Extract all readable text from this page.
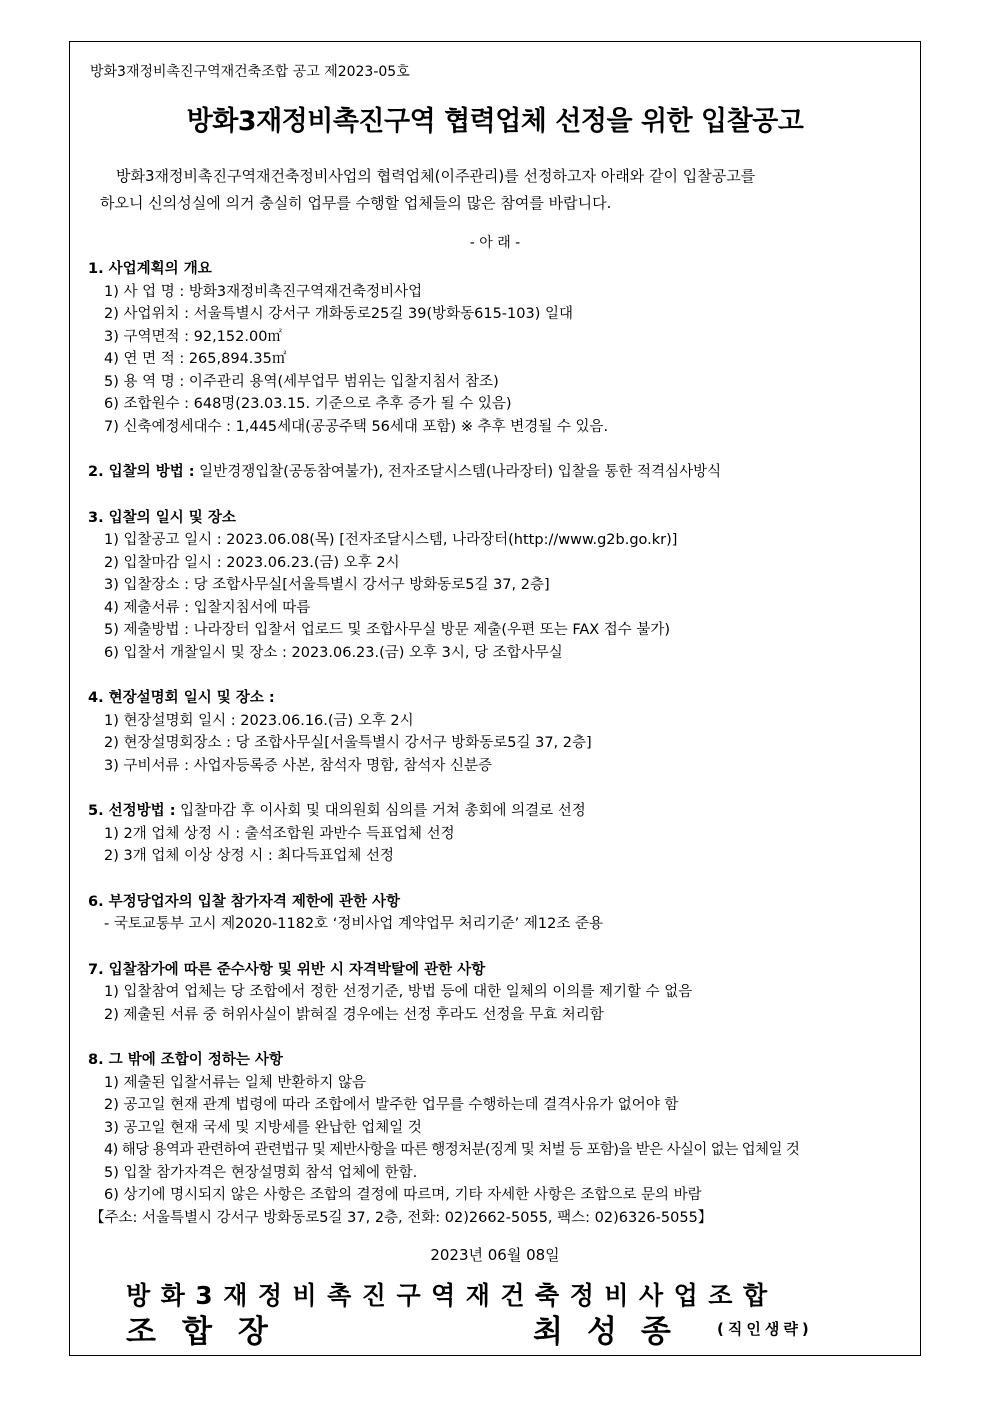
방화3재정비촉진구역재건축조합 공고 제2023-05호
방화3재정비촉진구역 협력업체 선정을 위한 입찰공고
방화3재정비촉진구역재건축정비사업의 협력업체(이주관리)를 선정하고자 아래와 같이 입찰공고를
하오니 신의성실에 의거 충실히 업무를 수행할 업체들의 많은 참여를 바랍니다.
- 아 래 -
1. 사업계획의 개요
1) 사 업 명 : 방화3재정비촉진구역재건축정비사업
2) 사업위치 : 서울특별시 강서구 개화동로25길 39(방화동615-103) 일대
3) 구역면적 : 92,152.00㎡
4) 연 면 적 : 265,894.35㎡
5) 용 역 명 : 이주관리 용역(세부업무 범위는 입찰지침서 참조)
6) 조합원수 : 648명(23.03.15. 기준으로 추후 증가 될 수 있음)
7) 신축예정세대수 : 1,445세대(공공주택 56세대 포함) ※ 추후 변경될 수 있음.
2. 입찰의 방법 : 일반경쟁입찰(공동참여불가), 전자조달시스템(나라장터) 입찰을 통한 적격심사방식
3. 입찰의 일시 및 장소
1) 입찰공고 일시 : 2023.06.08(목) [전자조달시스템, 나라장터(http://www.g2b.go.kr)]
2) 입찰마감 일시 : 2023.06.23.(금) 오후 2시
3) 입찰장소 : 당 조합사무실[서울특별시 강서구 방화동로5길 37, 2층]
4) 제출서류 : 입찰지침서에 따름
5) 제출방법 : 나라장터 입찰서 업로드 및 조합사무실 방문 제출(우편 또는 FAX 접수 불가)
6) 입찰서 개찰일시 및 장소 : 2023.06.23.(금) 오후 3시, 당 조합사무실
4. 현장설명회 일시 및 장소 :
1) 현장설명회 일시 : 2023.06.16.(금) 오후 2시
2) 현장설명회장소 : 당 조합사무실[서울특별시 강서구 방화동로5길 37, 2층]
3) 구비서류 : 사업자등록증 사본, 참석자 명함, 참석자 신분증
5. 선정방법 : 입찰마감 후 이사회 및 대의원회 심의를 거쳐 총회에 의결로 선정
1) 2개 업체 상정 시 : 출석조합원 과반수 득표업체 선정
2) 3개 업체 이상 상정 시 : 최다득표업체 선정
6. 부정당업자의 입찰 참가자격 제한에 관한 사항
- 국토교통부 고시 제2020-1182호 ‘정비사업 계약업무 처리기준’ 제12조 준용
7. 입찰참가에 따른 준수사항 및 위반 시 자격박탈에 관한 사항
1) 입찰참여 업체는 당 조합에서 정한 선정기준, 방법 등에 대한 일체의 이의를 제기할 수 없음
2) 제출된 서류 중 허위사실이 밝혀질 경우에는 선정 후라도 선정을 무효 처리함
8. 그 밖에 조합이 정하는 사항
1) 제출된 입찰서류는 일체 반환하지 않음
2) 공고일 현재 관계 법령에 따라 조합에서 발주한 업무를 수행하는데 결격사유가 없어야 함
3) 공고일 현재 국세 및 지방세를 완납한 업체일 것
4) 해당 용역과 관련하여 관련법규 및 제반사항을 따른 행정처분(징계 및 처벌 등 포함)을 받은 사실이 없는 업체일 것
5) 입찰 참가자격은 현장설명회 참석 업체에 한함.
6) 상기에 명시되지 않은 사항은 조합의 결정에 따르며, 기타 자세한 사항은 조합으로 문의 바람
【주소: 서울특별시 강서구 방화동로5길 37, 2층, 전화: 02)2662-5055, 팩스: 02)6326-5055】
2023년 06월 08일
방화3재정비촉진구역재건축정비사업조합
조합장	최성종 (직인생략)
